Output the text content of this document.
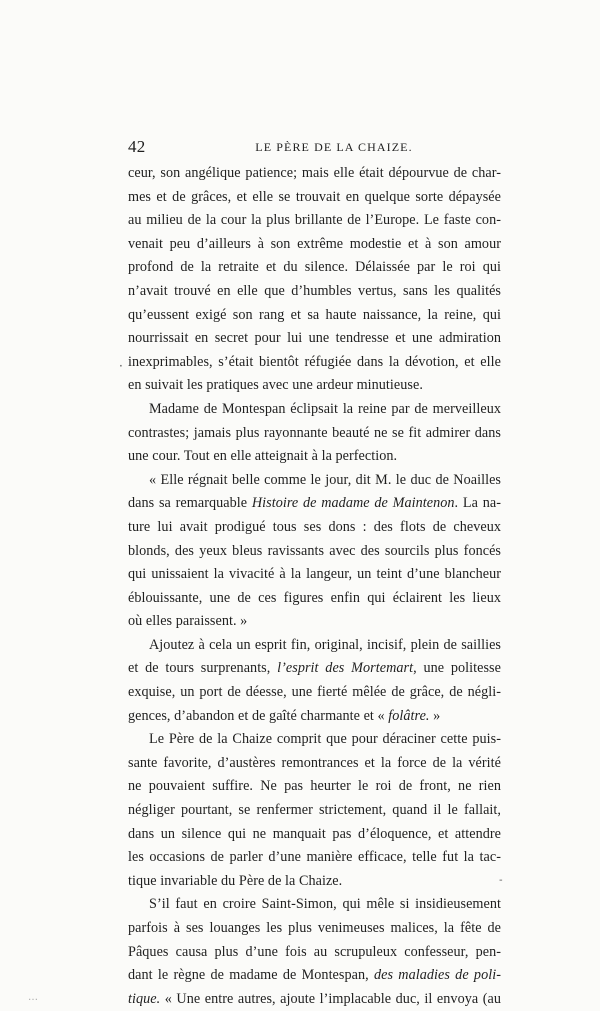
42	LE PÈRE DE LA CHAIZE.
ceur, son angélique patience; mais elle était dépourvue de char-
mes et de grâces, et elle se trouvait en quelque sorte dépaysée
au milieu de la cour la plus brillante de l’Europe. Le faste con-
venait peu d’ailleurs à son extrême modestie et à son amour
profond de la retraite et du silence. Délaissée par le roi qui
n’avait trouvé en elle que d’humbles vertus, sans les qualités
qu’eussent exigé son rang et sa haute naissance, la reine, qui
nourrissait en secret pour lui une tendresse et une admiration
inexprimables, s’était bientôt réfugiée dans la dévotion, et elle
en suivait les pratiques avec une ardeur minutieuse.
Madame de Montespan éclipsait la reine par de merveilleux
contrastes; jamais plus rayonnante beauté ne se fit admirer dans
une cour. Tout en elle atteignait à la perfection.
« Elle régnait belle comme le jour, dit M. le duc de Noailles
dans sa remarquable Histoire de madame de Maintenon. La na-
ture lui avait prodigué tous ses dons : des flots de cheveux
blonds, des yeux bleus ravissants avec des sourcils plus foncés
qui unissaient la vivacité à la langeur, un teint d’une blancheur
éblouissante, une de ces figures enfin qui éclairent les lieux
où elles paraissent. »
Ajoutez à cela un esprit fin, original, incisif, plein de saillies
et de tours surprenants, l’esprit des Mortemart, une politesse
exquise, un port de déesse, une fierté mêlée de grâce, de négli-
gences, d’abandon et de gaîté charmante et « folâtre. »
Le Père de la Chaize comprit que pour déraciner cette puis-
sante favorite, d’austères remontrances et la force de la vérité
ne pouvaient suffire. Ne pas heurter le roi de front, ne rien
négliger pourtant, se renfermer strictement, quand il le fallait,
dans un silence qui ne manquait pas d’éloquence, et attendre
les occasions de parler d’une manière efficace, telle fut la tac-
tique invariable du Père de la Chaize.
S’il faut en croire Saint-Simon, qui mêle si insidieusement
parfois à ses louanges les plus venimeuses malices, la fête de
Pâques causa plus d’une fois au scrupuleux confesseur, pen-
dant le règne de madame de Montespan, des maladies de poli-
tique. « Une entre autres, ajoute l’implacable duc, il envoya (au
·
-
…
